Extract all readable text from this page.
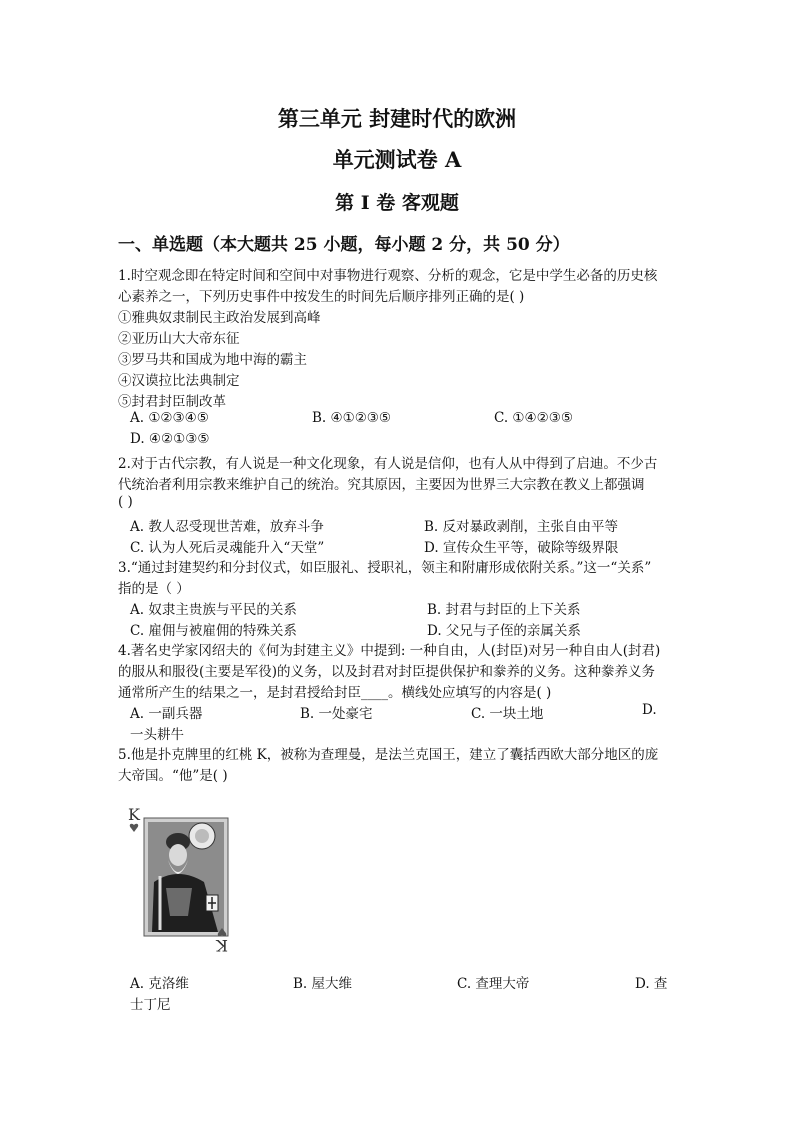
第三单元 封建时代的欧洲
单元测试卷 A
第 I 卷 客观题
一、单选题（本大题共 25 小题，每小题 2 分，共 50 分）
1.时空观念即在特定时间和空间中对事物进行观察、分析的观念，它是中学生必备的历史核
心素养之一，下列历史事件中按发生的时间先后顺序排列正确的是( )
①雅典奴隶制民主政治发展到高峰
②亚历山大大帝东征
③罗马共和国成为地中海的霸主
④汉谟拉比法典制定
⑤封君封臣制改革
A. ①②③④⑤	B. ④①②③⑤	C. ①④②③⑤
D. ④②①③⑤
2.对于古代宗教，有人说是一种文化现象，有人说是信仰，也有人从中得到了启迪。不少古
代统治者利用宗教来维护自己的统治。究其原因，主要因为世界三大宗教在教义上都强调
( )
A. 教人忍受现世苦难，放弃斗争	B. 反对暴政剥削，主张自由平等
C. 认为人死后灵魂能升入“天堂”	D. 宣传众生平等，破除等级界限
3.“通过封建契约和分封仪式，如臣服礼、授职礼，领主和附庸形成依附关系。”这一“关系”
指的是（ ）
A. 奴隶主贵族与平民的关系	B. 封君与封臣的上下关系
C. 雇佣与被雇佣的特殊关系	D. 父兄与子侄的亲属关系
4.著名史学家冈绍夫的《何为封建主义》中提到: 一种自由，人(封臣)对另一种自由人(封君)
的服从和服役(主要是军役)的义务，以及封君对封臣提供保护和豢养的义务。这种豢养义务
通常所产生的结果之一，是封君授给封臣____。横线处应填写的内容是( )
A. 一副兵器	B. 一处豪宅	C. 一块土地	D.
一头耕牛
5.他是扑克牌里的红桃 K，被称为查理曼，是法兰克国王，建立了囊括西欧大部分地区的庞
大帝国。“他”是( )
K
K
A. 克洛维	B. 屋大维	C. 查理大帝	D. 查
士丁尼
